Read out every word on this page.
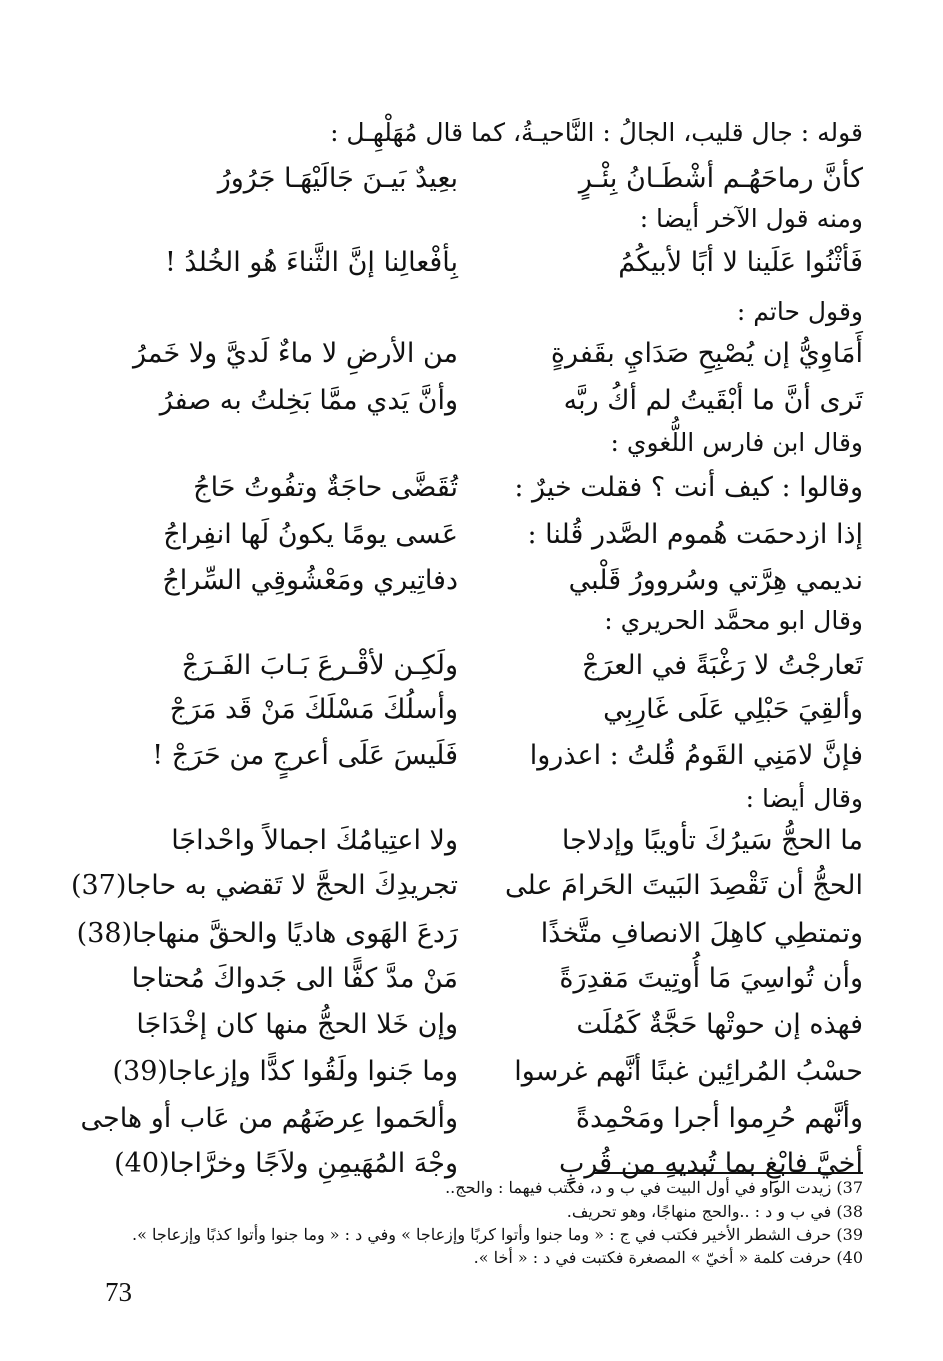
قوله : جال قليب، الجالُ : النَّاحيـةُ، كما قال مُهَلْهِـل :
كأنَّ رماحَهُـم أشْطَـانُ بِئْـرٍ
بعِيدٌ بَيـنَ جَالَيْهَـا جَرُورُ
ومنه قول الآخر أيضا :
فَأثْنُوا عَلَينا لا أبًا لأبيكُمُ
بِأفْعالِنا إنَّ الثَّناءَ هُو الخُلدُ !
وقول حاتم :
أَمَاوِيُّ إن يُصْبِحِ صَدَايِ بقَفرةٍ
من الأرضِ لا ماءٌ لَديَّ ولا خَمرُ
تَرى أنَّ ما أبْقَيتُ لم أكُ ربَّه
وأنَّ يَدي ممَّا بَخِلتُ به صفرُ
وقال ابن فارس اللُّغوي :
وقالوا : كيف أنت ؟ فقلت خيرٌ :
تُقَضَّى حاجَةٌ وتفُوتُ حَاجُ
إذا ازدحمَت هُموم الصَّدر قُلنا :
عَسى يومًا يكونُ لَها انفِراجُ
نديمي هِرَّتي وسُروورُ قَلْبي
دفاتِيري ومَعْشُوقِي السِّراجُ
وقال ابو محمَّد الحريري :
تَعارجْتُ لا رَغْبَةً في العرَجْ
ولَكِـن لأقْـرعَ بَـابَ الفَـرَجْ
وألقِيَ حَبْلِي عَلَى غَارِبِي
وأسلُكَ مَسْلَكَ مَنْ قَد مَرَجْ
فإنَّ لامَنِي القَومُ قُلتُ : اعذروا
فَلَيسَ عَلَى أعرجٍ من حَرَجْ !
وقال أيضا :
ما الحجُّ سَيرُكَ تأويبًا وإدلاجا
ولا اعتِيامُكَ اجمالاً واحْداجَا
الحجُّ أن تَقْصِدَ البَيتَ الحَرامَ على
تجريدِكَ الحجَّ لا تَقضي به حاجا(37)
وتمتطِي كاهِلَ الانصافِ متَّخذًا
رَدعَ الهَوى هاديًا والحقَّ منهاجا(38)
وأن تُواسِيَ مَا أُوتِيتَ مَقدِرَةً
مَنْ مدَّ كفًّا الى جَدواكَ مُحتاجا
فهذه إن حوتْها حَجَّةٌ كَمُلَت
وإن خَلا الحجُّ منها كان إخْدَاجَا
حسْبُ المُرائِين غبنًا أنَّهم غرسوا
وما جَنوا ولَقُوا كدًّا وإزعاجا(39)
وأنَّهم حُرِموا أجرا ومَحْمِدةً
وألحَموا عِرضَهُم من عَاب أو هاجى
أخيَّ فابْغِ بما تُبديهِ من قُربٍ
وجْهَ المُهَيمِنِ ولاَجًا وخرَّاجا(40)
37) زيدت الواو في أول البيت في ب و د، فكتب فيهما : والحج..
38) في ب و د : ..والحج منهاجًا، وهو تحريف.
39) حرف الشطر الأخير فكتب في ج : « وما جنوا وأتوا كربًا وإزعاجا » وفي د : « وما جنوا وأتوا كذبًا وإزعاجا ».
40) حرفت كلمة « أخيّ » المصغرة فكتبت في د : « أخا ».
73
